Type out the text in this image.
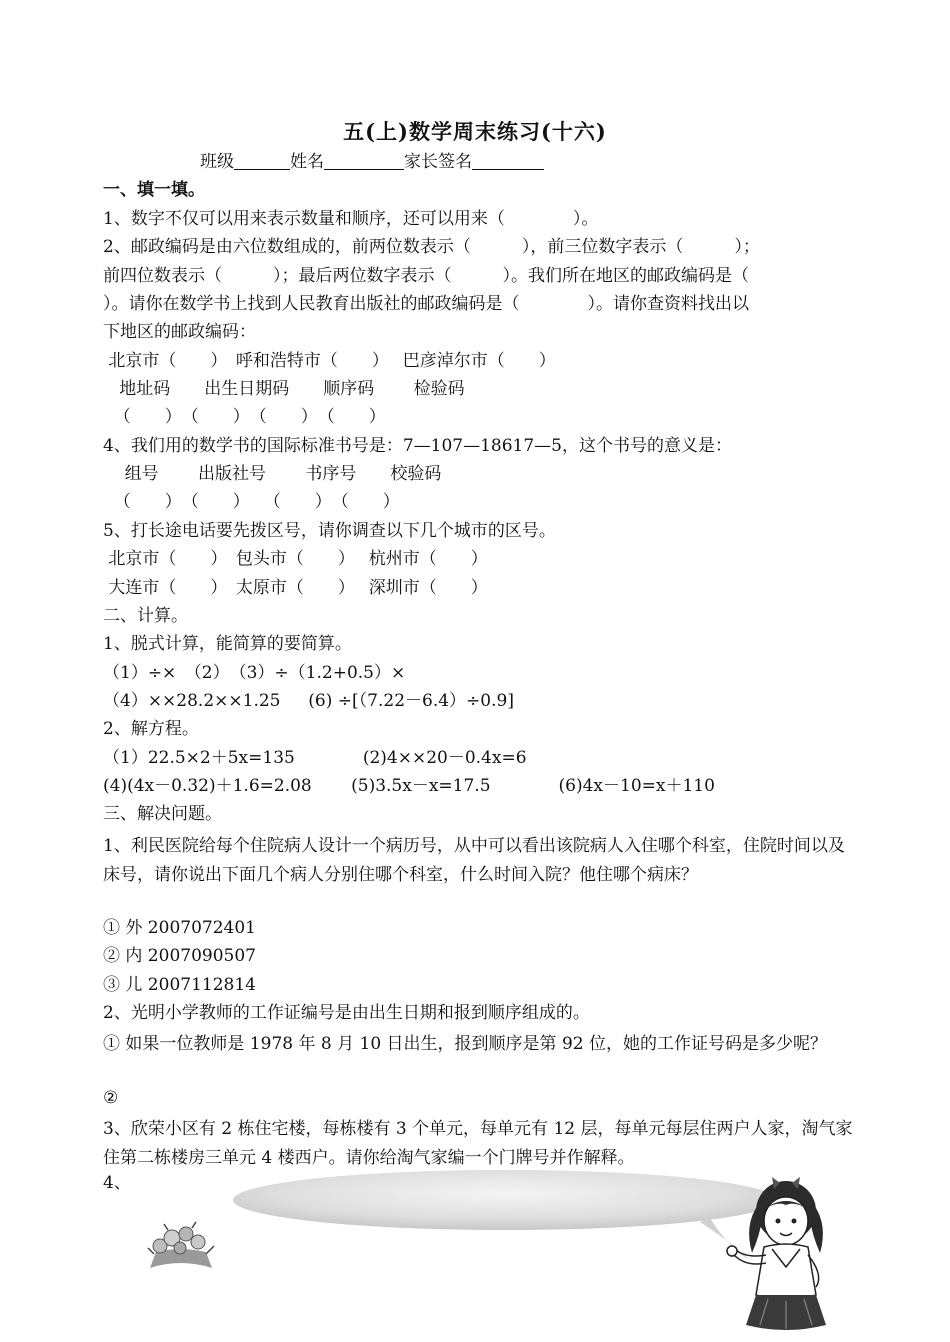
五(上)数学周末练习(十六)
班级	姓名	家长签名
一、填一填。
1、数字不仅可以用来表示数量和顺序，还可以用来（　　　　）。
2、邮政编码是由六位数组成的，前两位数表示（　　　），前三位数字表示（　　　）；
前四位数表示（　　　）；最后两位数字表示（　　　）。我们所在地区的邮政编码是（
）。请你在数学书上找到人民教育出版社的邮政编码是（　　　　）。请你查资料找出以
下地区的邮政编码：
北京市（　　）　呼和浩特市（　　）　 巴彦淖尔市（　　）
地址码　　出生日期码　　顺序码　　 检验码
（　　）　（　　）　（　　）　（　　）
4、我们用的数学书的国际标准书号是：7—107—18617—5，这个书号的意义是：
组号　　 出版社号　　 书序号　　校验码
（　　）　（　　）　 （　　）　（　　）
5、打长途电话要先拨区号，请你调查以下几个城市的区号。
北京市（　　）　包头市（　　）　 杭州市（　　）
大连市（　　）　太原市（　　）　 深圳市（　　）
二、计算。
1、脱式计算，能简算的要简算。
（1）÷×　（2）　（3）÷（1.2+0.5）×
（4）××28.2××1.25　  (6) ÷[（7.22－6.4）÷0.9]
2、解方程。
（1）22.5×2＋5x=135　　　　(2)4××20－0.4x=6
(4)(4x－0.32)＋1.6=2.08　　 (5)3.5x－x=17.5　　　　(6)4x－10=x＋110
三、解决问题。
1、利民医院给每个住院病人设计一个病历号，从中可以看出该院病人入住哪个科室，住院时间以及床号，请你说出下面几个病人分别住哪个科室，什么时间入院？他住哪个病床？
① 外 2007072401
② 内 2007090507
③ 儿 2007112814
2、光明小学教师的工作证编号是由出生日期和报到顺序组成的。
① 如果一位教师是 1978 年 8 月 10 日出生，报到顺序是第 92 位，她的工作证号码是多少呢？
②
3、欣荣小区有 2 栋住宅楼，每栋楼有 3 个单元，每单元有 12 层，每单元每层住两户人家，淘气家住第二栋楼房三单元 4 楼西户。请你给淘气家编一个门牌号并作解释。
4、
